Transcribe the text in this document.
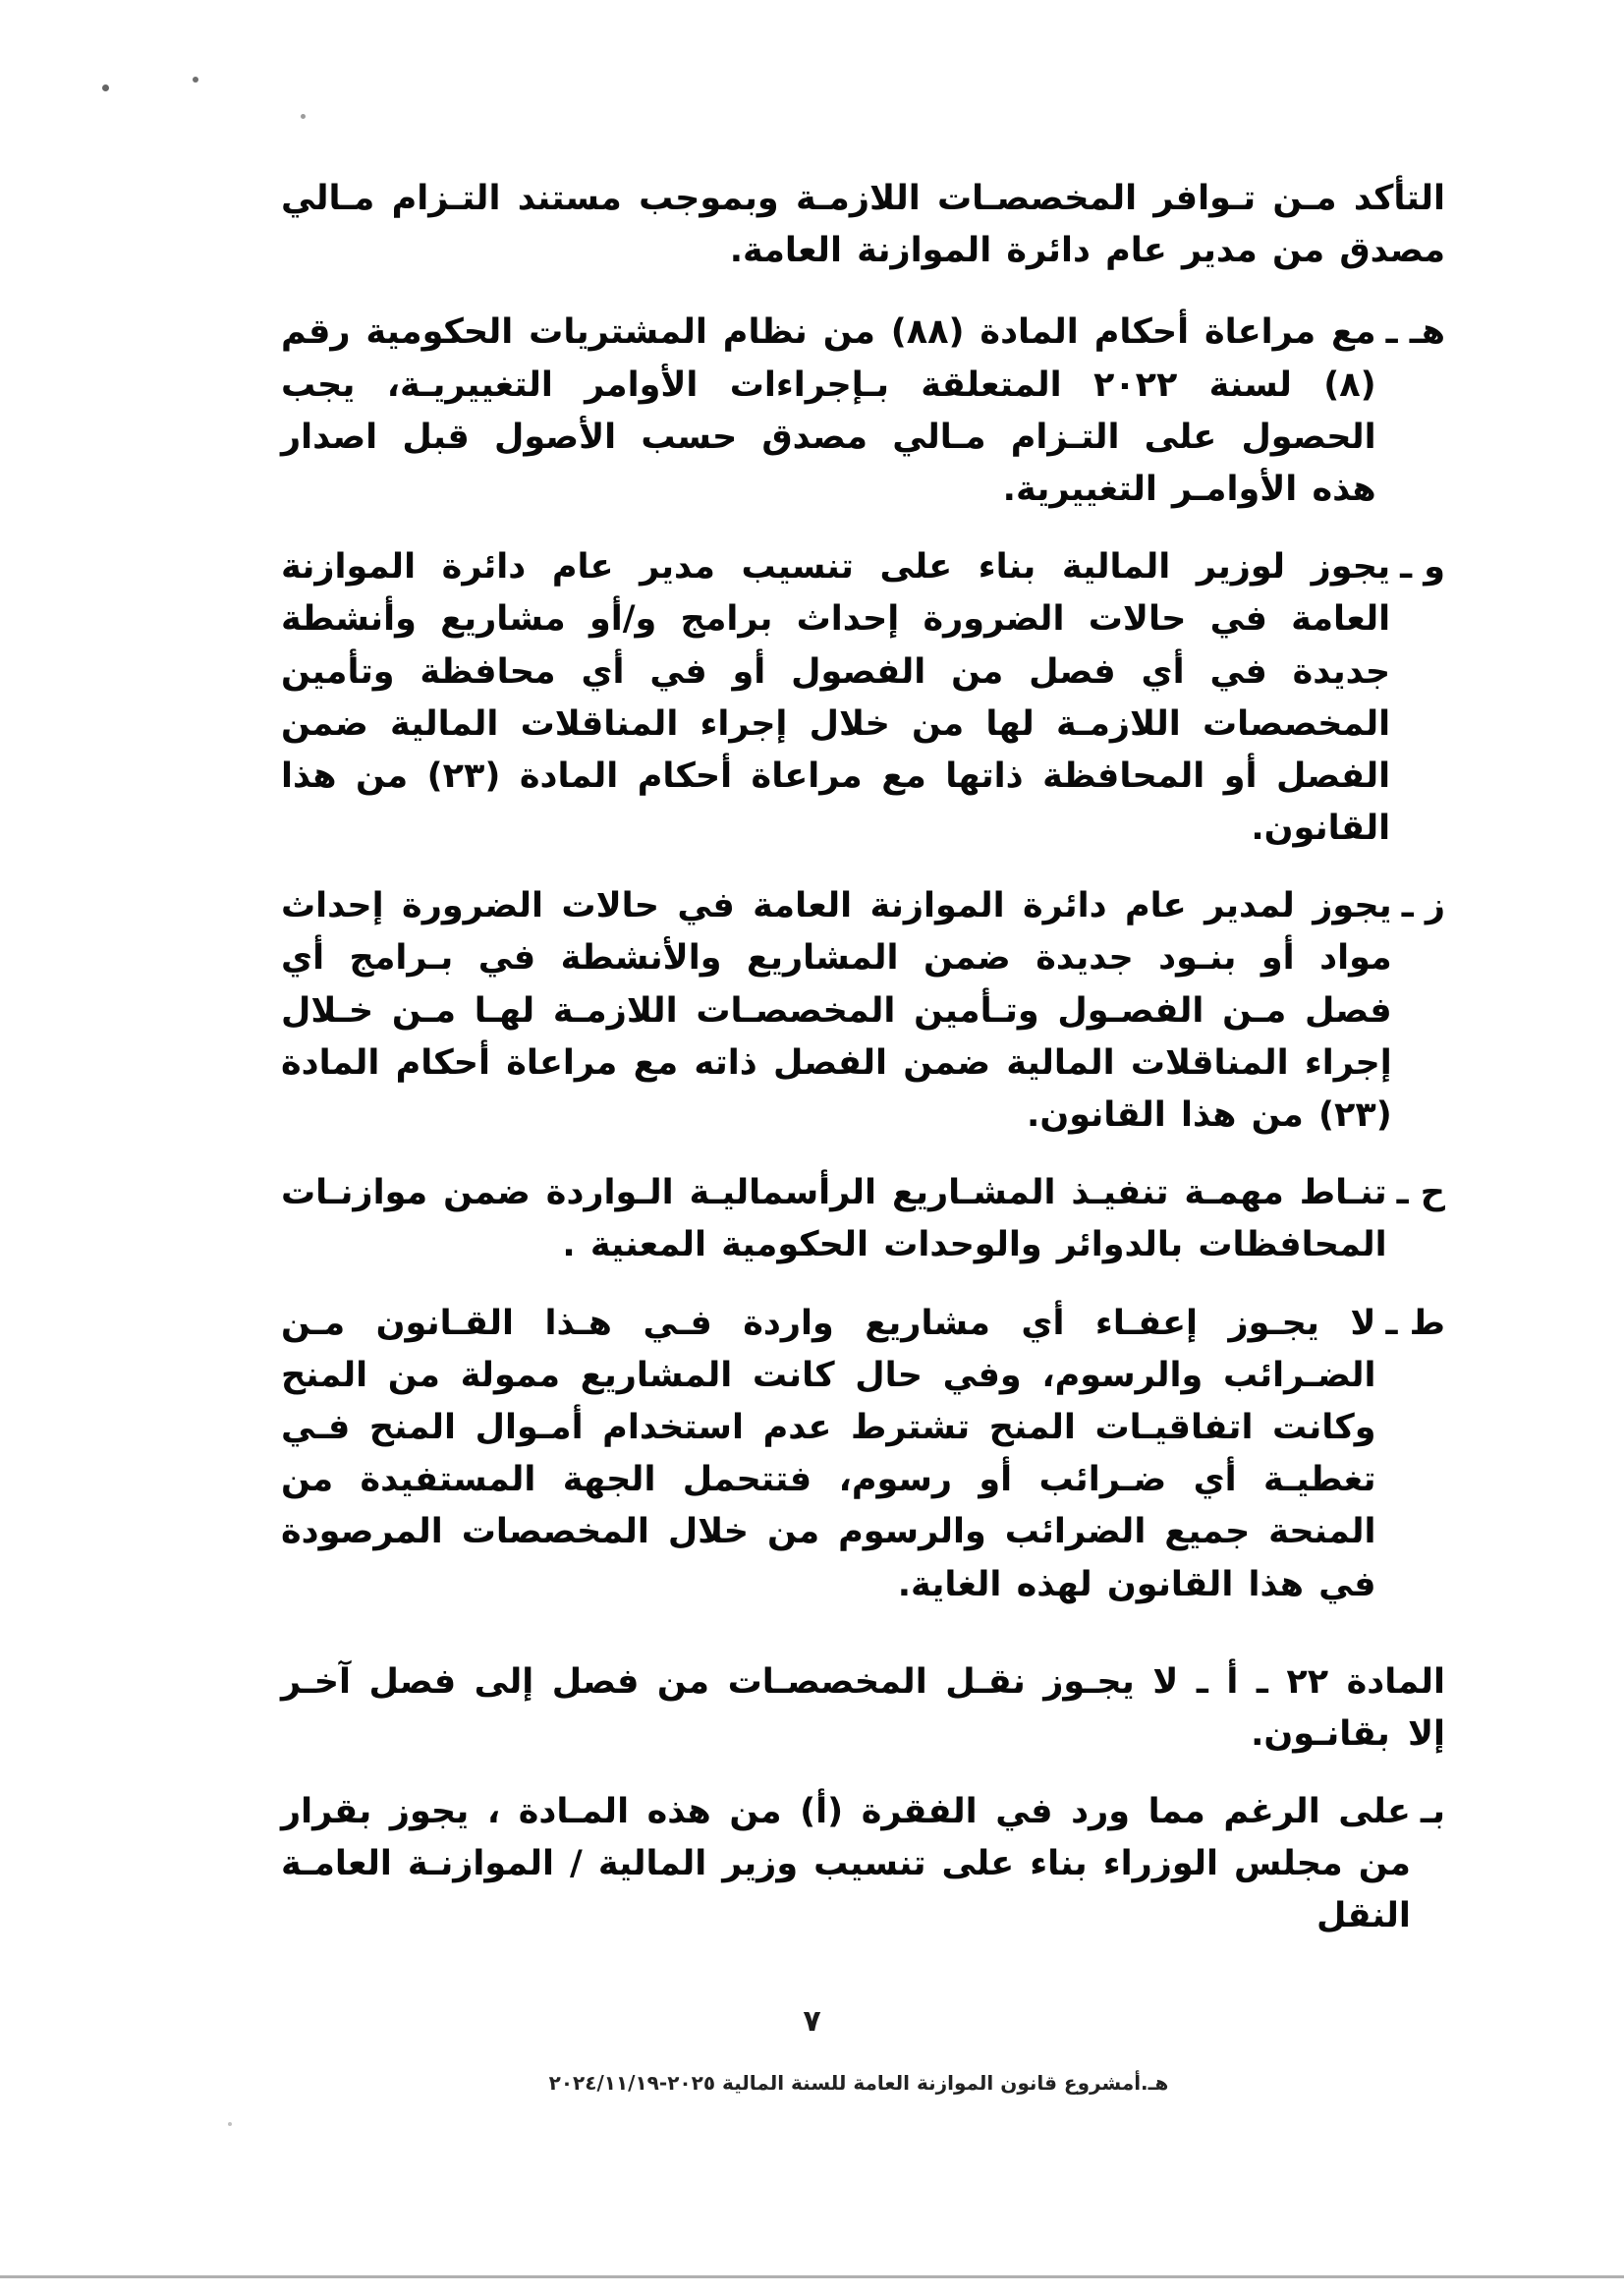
التأكد مـن تـوافر المخصصـات اللازمـة وبموجب مستند التـزام مـالي مصدق من مدير عام دائرة الموازنة العامة.
هـ ـ
مع مراعاة أحكام المادة (٨٨) من نظام المشتريات الحكومية رقم (٨) لسنة ٢٠٢٢ المتعلقة بـإجراءات الأوامر التغييريـة، يجب الحصول على التـزام مـالي مصدق حسب الأصول قبل اصدار هذه الأوامـر التغييرية.
و ـ
يجوز لوزير المالية بناء على تنسيب مدير عام دائرة الموازنة العامة في حالات الضرورة إحداث برامج و/أو مشاريع وأنشطة جديدة في أي فصل من الفصول أو في أي محافظة وتأمين المخصصات اللازمـة لها من خلال إجراء المناقلات المالية ضمن الفصل أو المحافظة ذاتها مع مراعاة أحكام المادة (٢٣) من هذا القانون.
ز ـ
يجوز لمدير عام دائرة الموازنة العامة في حالات الضرورة إحداث مواد أو بنـود جديدة ضمن المشاريع والأنشطة في بـرامج أي فصل مـن الفصـول وتـأمين المخصصـات اللازمـة لهـا مـن خـلال إجراء المناقلات المالية ضمن الفصل ذاته مع مراعاة أحكام المادة (٢٣) من هذا القانون.
ح ـ
تنـاط مهمـة تنفيـذ المشـاريع الرأسماليـة الـواردة ضمن موازنـات المحافظات بالدوائر والوحدات الحكومية المعنية .
ط ـ
لا يجـوز إعفـاء أي مشاريع واردة فـي هـذا القـانون مـن الضـرائب والرسوم، وفي حال كانت المشاريع ممولة من المنح وكانت اتفاقيـات المنح تشترط عدم استخدام أمـوال المنح فـي تغطيـة أي ضـرائب أو رسوم، فتتحمل الجهة المستفيدة من المنحة جميع الضرائب والرسوم من خلال المخصصات المرصودة في هذا القانون لهذه الغاية.
المادة ٢٢ ـ أ ـ لا يجـوز نقـل المخصصـات من فصل إلى فصل آخـر إلا بقانـون.
بـ
على الرغم مما ورد في الفقرة (أ) من هذه المـادة ، يجوز بقرار من مجلس الوزراء بناء على تنسيب وزير المالية / الموازنـة العامـة النقل
٧
هـ.أمشروع قانون الموازنة العامة للسنة المالية ٢٠٢٥-٢٠٢٤/١١/١٩
